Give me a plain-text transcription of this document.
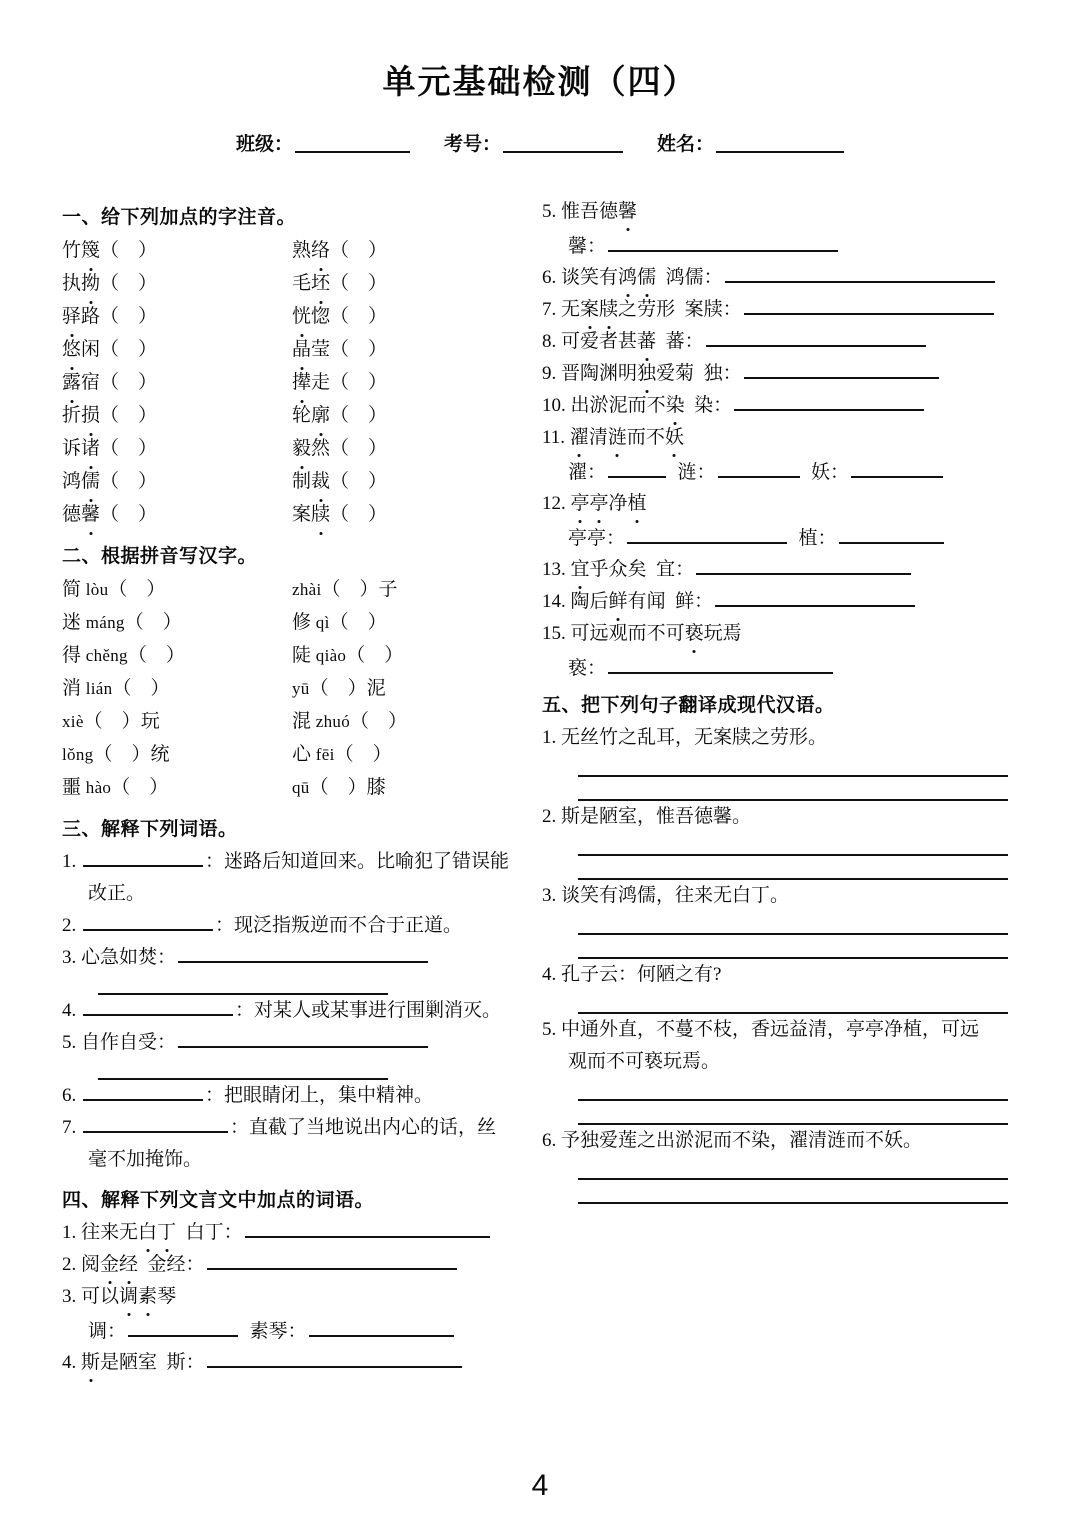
单元基础检测（四）
班级：	考号：	姓名：
一、给下列加点的字注音。
竹篾（    ）	熟络（    ）
执拗（    ）	毛坯（    ）
驿路（    ）	恍惚（    ）
悠闲（    ）	晶莹（    ）
露宿（    ）	撵走（    ）
折损（    ）	轮廓（    ）
诉诸（    ）	毅然（    ）
鸿儒（    ）	制裁（    ）
德馨（    ）	案牍（    ）
二、根据拼音写汉字。
简 lòu（    ）	zhài（    ）子
迷 máng（    ）	修 qì（    ）
得 chěng（    ）	陡 qiào（    ）
消 lián（    ）	yū（    ）泥
xiè（    ）玩	混 zhuó（    ）
lǒng（    ）统	心 fēi（    ）
噩 hào（    ）	qū（    ）膝
三、解释下列词语。
1.	：迷路后知道回来。比喻犯了错误能
改正。
2.	：现泛指叛逆而不合于正道。
3. 心急如焚：
4.	：对某人或某事进行围剿消灭。
5. 自作自受：
6.	：把眼睛闭上，集中精神。
7.	：直截了当地说出内心的话，丝
毫不加掩饰。
四、解释下列文言文中加点的词语。
1. 往来无白丁  白丁：
2. 阅金经  金经：
3. 可以调素琴
调：	素琴：
4. 斯是陋室  斯：
5. 惟吾德馨
馨：
6. 谈笑有鸿儒  鸿儒：
7. 无案牍之劳形  案牍：
8. 可爱者甚蕃  蕃：
9. 晋陶渊明独爱菊  独：
10. 出淤泥而不染  染：
11. 濯清涟而不妖
濯：	涟：	妖：
12. 亭亭净植
亭亭：	植：
13. 宜乎众矣  宜：
14. 陶后鲜有闻  鲜：
15. 可远观而不可亵玩焉
亵：
五、把下列句子翻译成现代汉语。
1. 无丝竹之乱耳，无案牍之劳形。
2. 斯是陋室，惟吾德馨。
3. 谈笑有鸿儒，往来无白丁。
4. 孔子云：何陋之有?
5. 中通外直，不蔓不枝，香远益清，亭亭净植，可远
观而不可亵玩焉。
6. 予独爱莲之出淤泥而不染，濯清涟而不妖。
4
